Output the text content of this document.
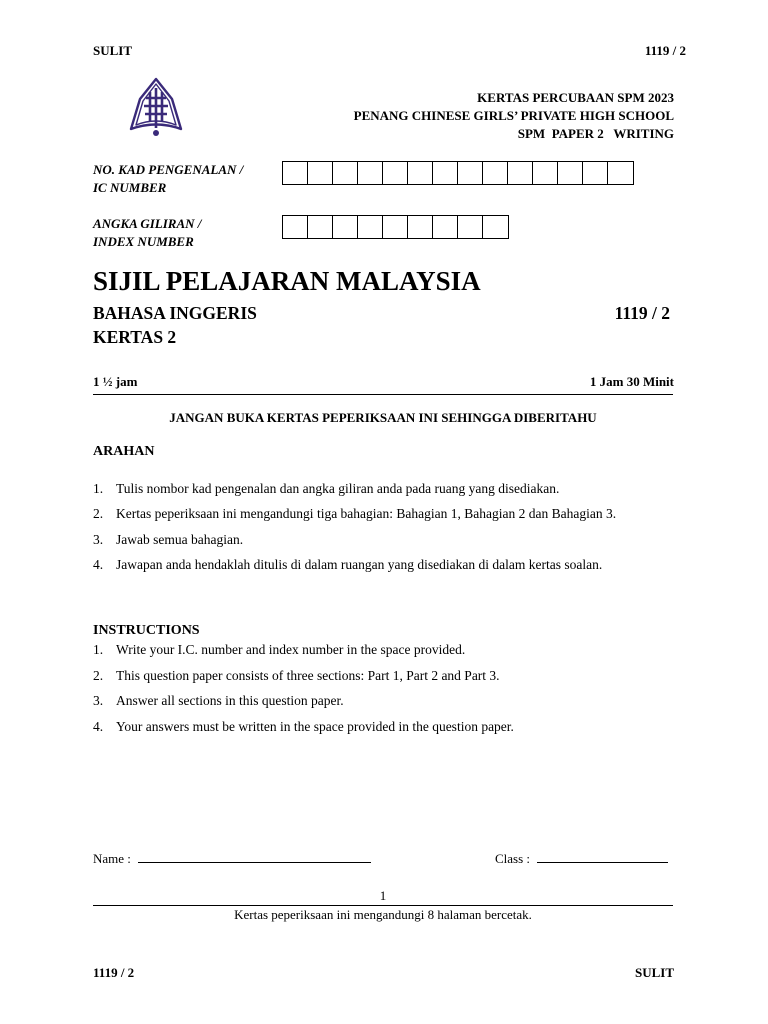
SULIT	1119 / 2
KERTAS PERCUBAAN SPM 2023
PENANG CHINESE GIRLS’ PRIVATE HIGH SCHOOL
SPM  PAPER 2   WRITING
NO. KAD PENGENALAN /
IC NUMBER
ANGKA GILIRAN /
INDEX NUMBER
SIJIL PELAJARAN MALAYSIA
BAHASA INGGERIS	1119 / 2
KERTAS 2
1 ½ jam	1 Jam 30 Minit
JANGAN BUKA KERTAS PEPERIKSAAN INI SEHINGGA DIBERITAHU
ARAHAN
1. Tulis nombor kad pengenalan dan angka giliran anda pada ruang yang disediakan.
2. Kertas peperiksaan ini mengandungi tiga bahagian: Bahagian 1, Bahagian 2 dan Bahagian 3.
3. Jawab semua bahagian.
4. Jawapan anda hendaklah ditulis di dalam ruangan yang disediakan di dalam kertas soalan.
INSTRUCTIONS
1. Write your I.C. number and index number in the space provided.
2. This question paper consists of three sections: Part 1, Part 2 and Part 3.
3. Answer all sections in this question paper.
4. Your answers must be written in the space provided in the question paper.
Name :	Class :
1
Kertas peperiksaan ini mengandungi 8 halaman bercetak.
1119 / 2	SULIT
